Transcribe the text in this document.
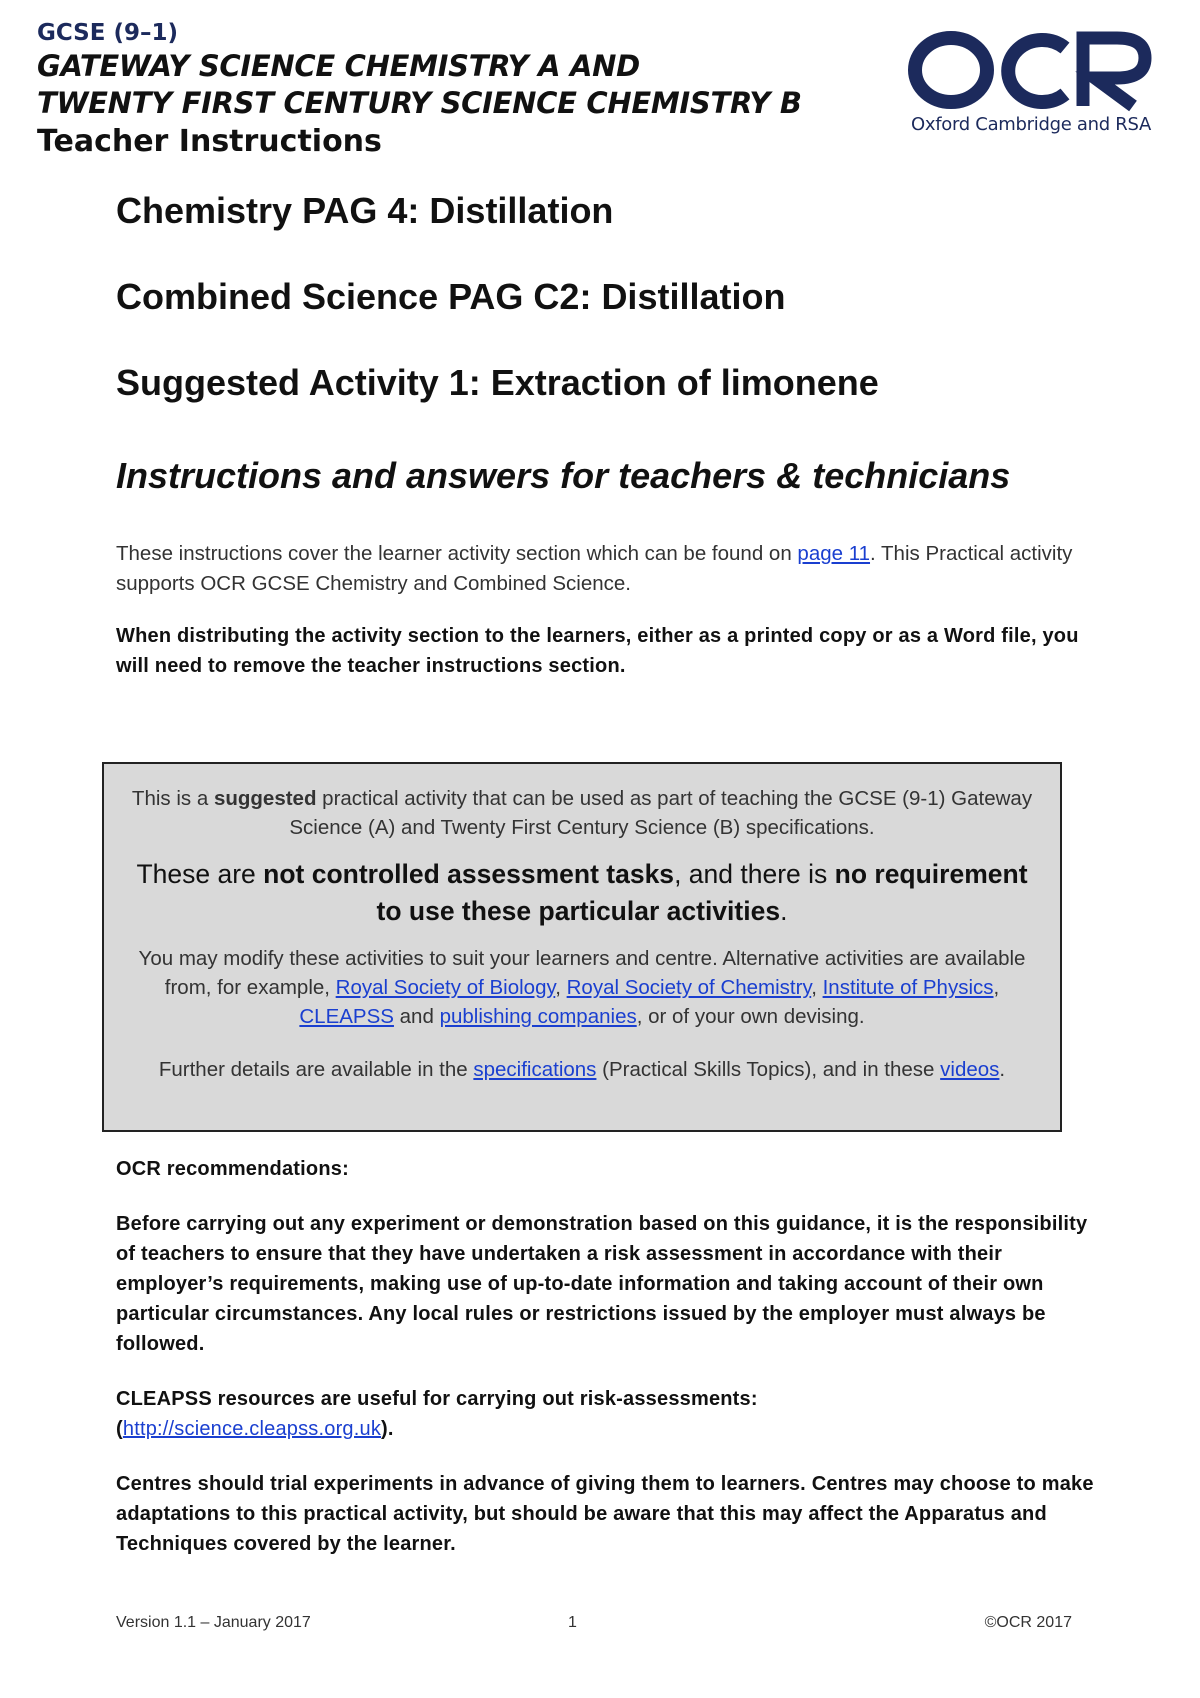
GCSE (9–1)

GATEWAY SCIENCE CHEMISTRY A AND

TWENTY FIRST CENTURY SCIENCE CHEMISTRY B

Teacher Instructions	Oxford Cambridge and RSA
Chemistry PAG 4: Distillation
Combined Science PAG C2: Distillation
Suggested Activity 1: Extraction of limonene
Instructions and answers for teachers & technicians

These instructions cover the learner activity section which can be found on page 11. This Practical activity supports OCR GCSE Chemistry and Combined Science.

When distributing the activity section to the learners, either as a printed copy or as a Word file, you will need to remove the teacher instructions section.

This is a suggested practical activity that can be used as part of teaching the GCSE (9-1) Gateway Science (A) and Twenty First Century Science (B) specifications.

These are not controlled assessment tasks, and there is no requirement to use these particular activities.

You may modify these activities to suit your learners and centre. Alternative activities are available from, for example, Royal Society of Biology, Royal Society of Chemistry, Institute of Physics, CLEAPSS and publishing companies, or of your own devising.

Further details are available in the specifications (Practical Skills Topics), and in these videos.

OCR recommendations:

Before carrying out any experiment or demonstration based on this guidance, it is the responsibility of teachers to ensure that they have undertaken a risk assessment in accordance with their employer’s requirements, making use of up-to-date information and taking account of their own particular circumstances. Any local rules or restrictions issued by the employer must always be followed.

CLEAPSS resources are useful for carrying out risk-assessments:
(http://science.cleapss.org.uk).

Centres should trial experiments in advance of giving them to learners. Centres may choose to make adaptations to this practical activity, but should be aware that this may affect the Apparatus and Techniques covered by the learner.

Version 1.1 – January 2017	1	©OCR 2017
